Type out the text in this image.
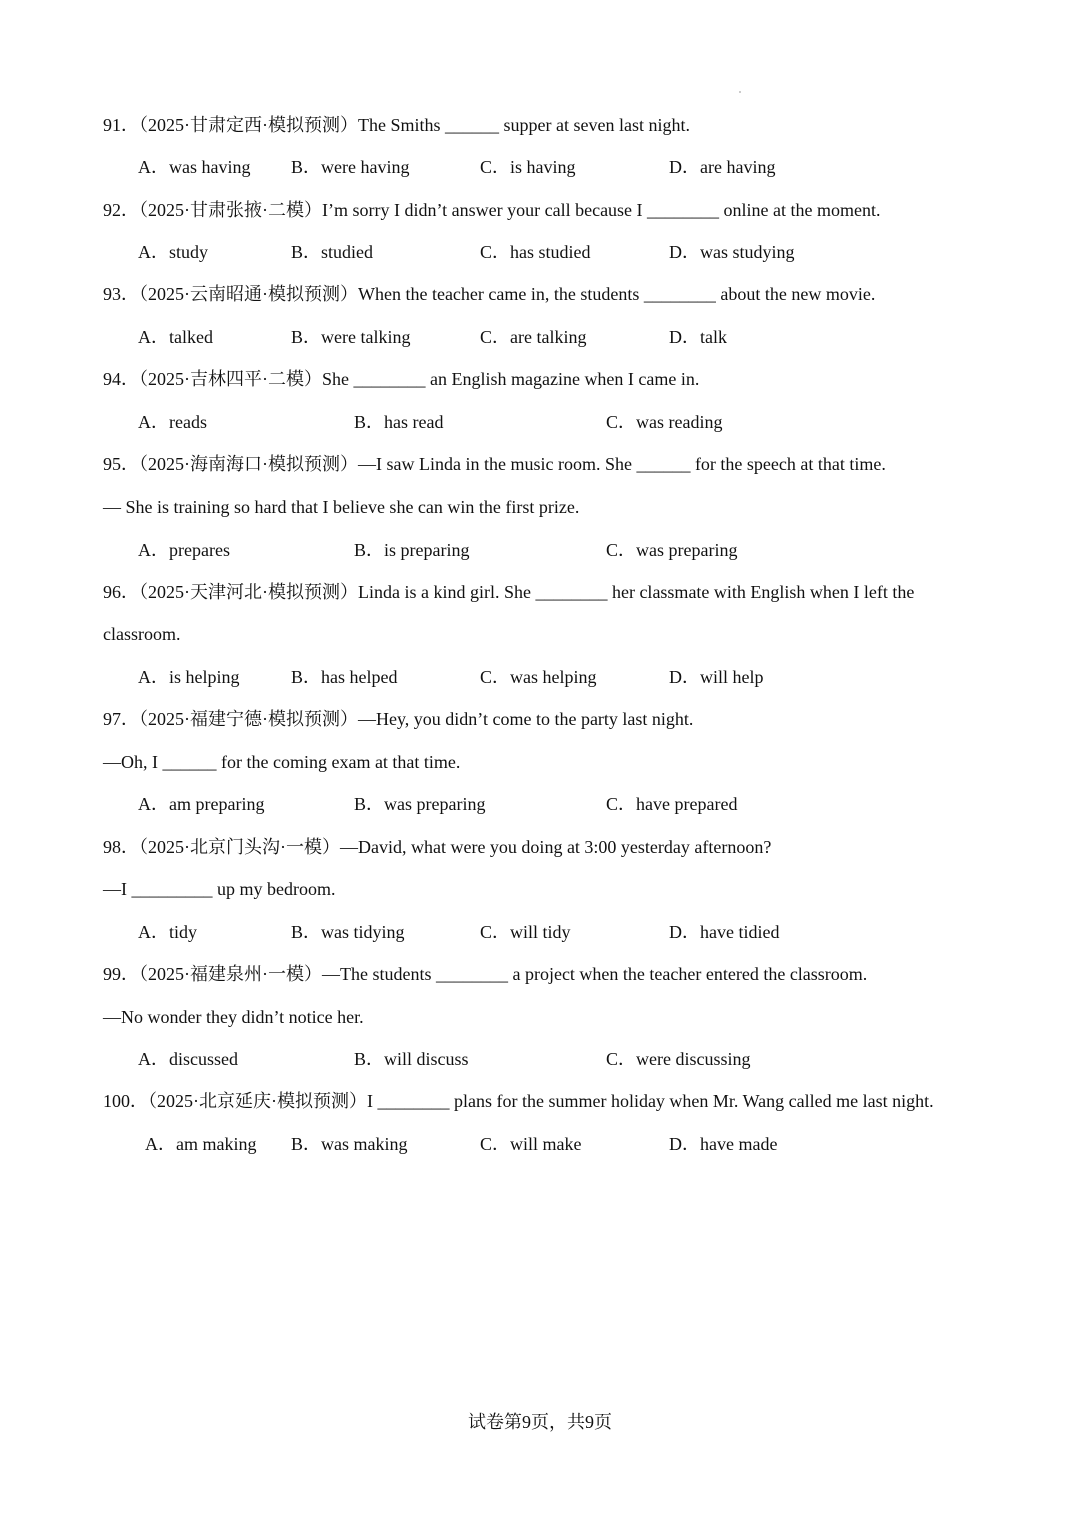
91．（2025·甘肃定西·模拟预测）The Smiths ______ supper at seven last night.
A．was having B．were having	C．is having	D．are having
92．（2025·甘肃张掖·二模）I’m sorry I didn’t answer your call because I ________ online at the moment.
A．study	B．studied	C．has studied	D．was studying
93．（2025·云南昭通·模拟预测）When the teacher came in, the students ________ about the new movie.
A．talked	B．were talking	C．are talking	D．talk
94．（2025·吉林四平·二模）She ________ an English magazine when I came in.
A．reads	B．has read	C．was reading
95．（2025·海南海口·模拟预测）—I saw Linda in the music room. She ______ for the speech at that time.
— She is training so hard that I believe she can win the first prize.
A．prepares	B．is preparing	C．was preparing
96．（2025·天津河北·模拟预测）Linda is a kind girl. She ________ her classmate with English when I left the
classroom.
A．is helping	B．has helped	C．was helping	D．will help
97．（2025·福建宁德·模拟预测）—Hey, you didn’t come to the party last night.
—Oh, I ______ for the coming exam at that time.
A．am preparing	B．was preparing	C．have prepared
98．（2025·北京门头沟·一模）—David, what were you doing at 3:00 yesterday afternoon?
—I _________ up my bedroom.
A．tidy	B．was tidying	C．will tidy	D．have tidied
99．（2025·福建泉州·一模）—The students ________ a project when the teacher entered the classroom.
—No wonder they didn’t notice her.
A．discussed	B．will discuss	C．were discussing
100．（2025·北京延庆·模拟预测）I ________ plans for the summer holiday when Mr. Wang called me last night.
A．am making B．was making	C．will make	D．have made
试卷第9页，共9页
